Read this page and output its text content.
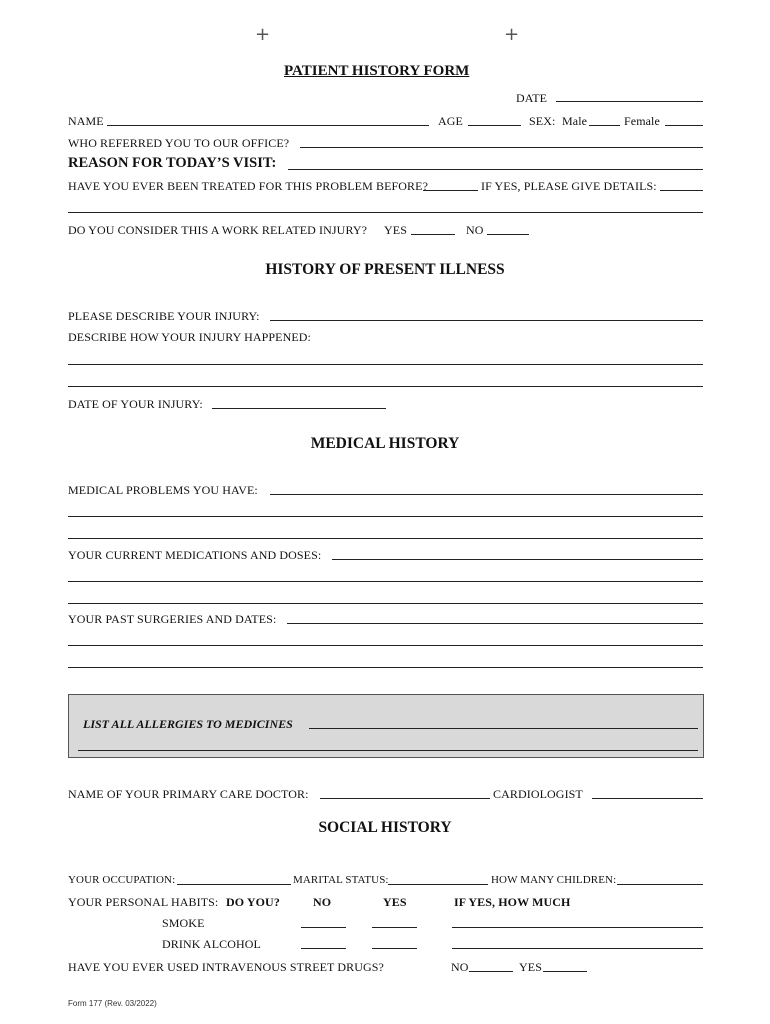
+	+
PATIENT HISTORY FORM
DATE
NAME	AGE	SEX: Male	Female
WHO REFERRED YOU TO OUR OFFICE?
REASON FOR TODAY’S VISIT:
HAVE YOU EVER BEEN TREATED FOR THIS PROBLEM BEFORE?	IF YES, PLEASE GIVE DETAILS:
DO YOU CONSIDER THIS A WORK RELATED INJURY? YES	NO
HISTORY OF PRESENT ILLNESS
PLEASE DESCRIBE YOUR INJURY:
DESCRIBE HOW YOUR INJURY HAPPENED:
DATE OF YOUR INJURY:
MEDICAL HISTORY
MEDICAL PROBLEMS YOU HAVE:
YOUR CURRENT MEDICATIONS AND DOSES:
YOUR PAST SURGERIES AND DATES:
LIST ALL ALLERGIES TO MEDICINES
NAME OF YOUR PRIMARY CARE DOCTOR:	CARDIOLOGIST
SOCIAL HISTORY
YOUR OCCUPATION:	MARITAL STATUS:	HOW MANY CHILDREN:
YOUR PERSONAL HABITS: DO YOU?	NO	YES	IF YES, HOW MUCH
SMOKE
DRINK ALCOHOL
HAVE YOU EVER USED INTRAVENOUS STREET DRUGS?	NO	YES
Form 177 (Rev. 03/2022)
